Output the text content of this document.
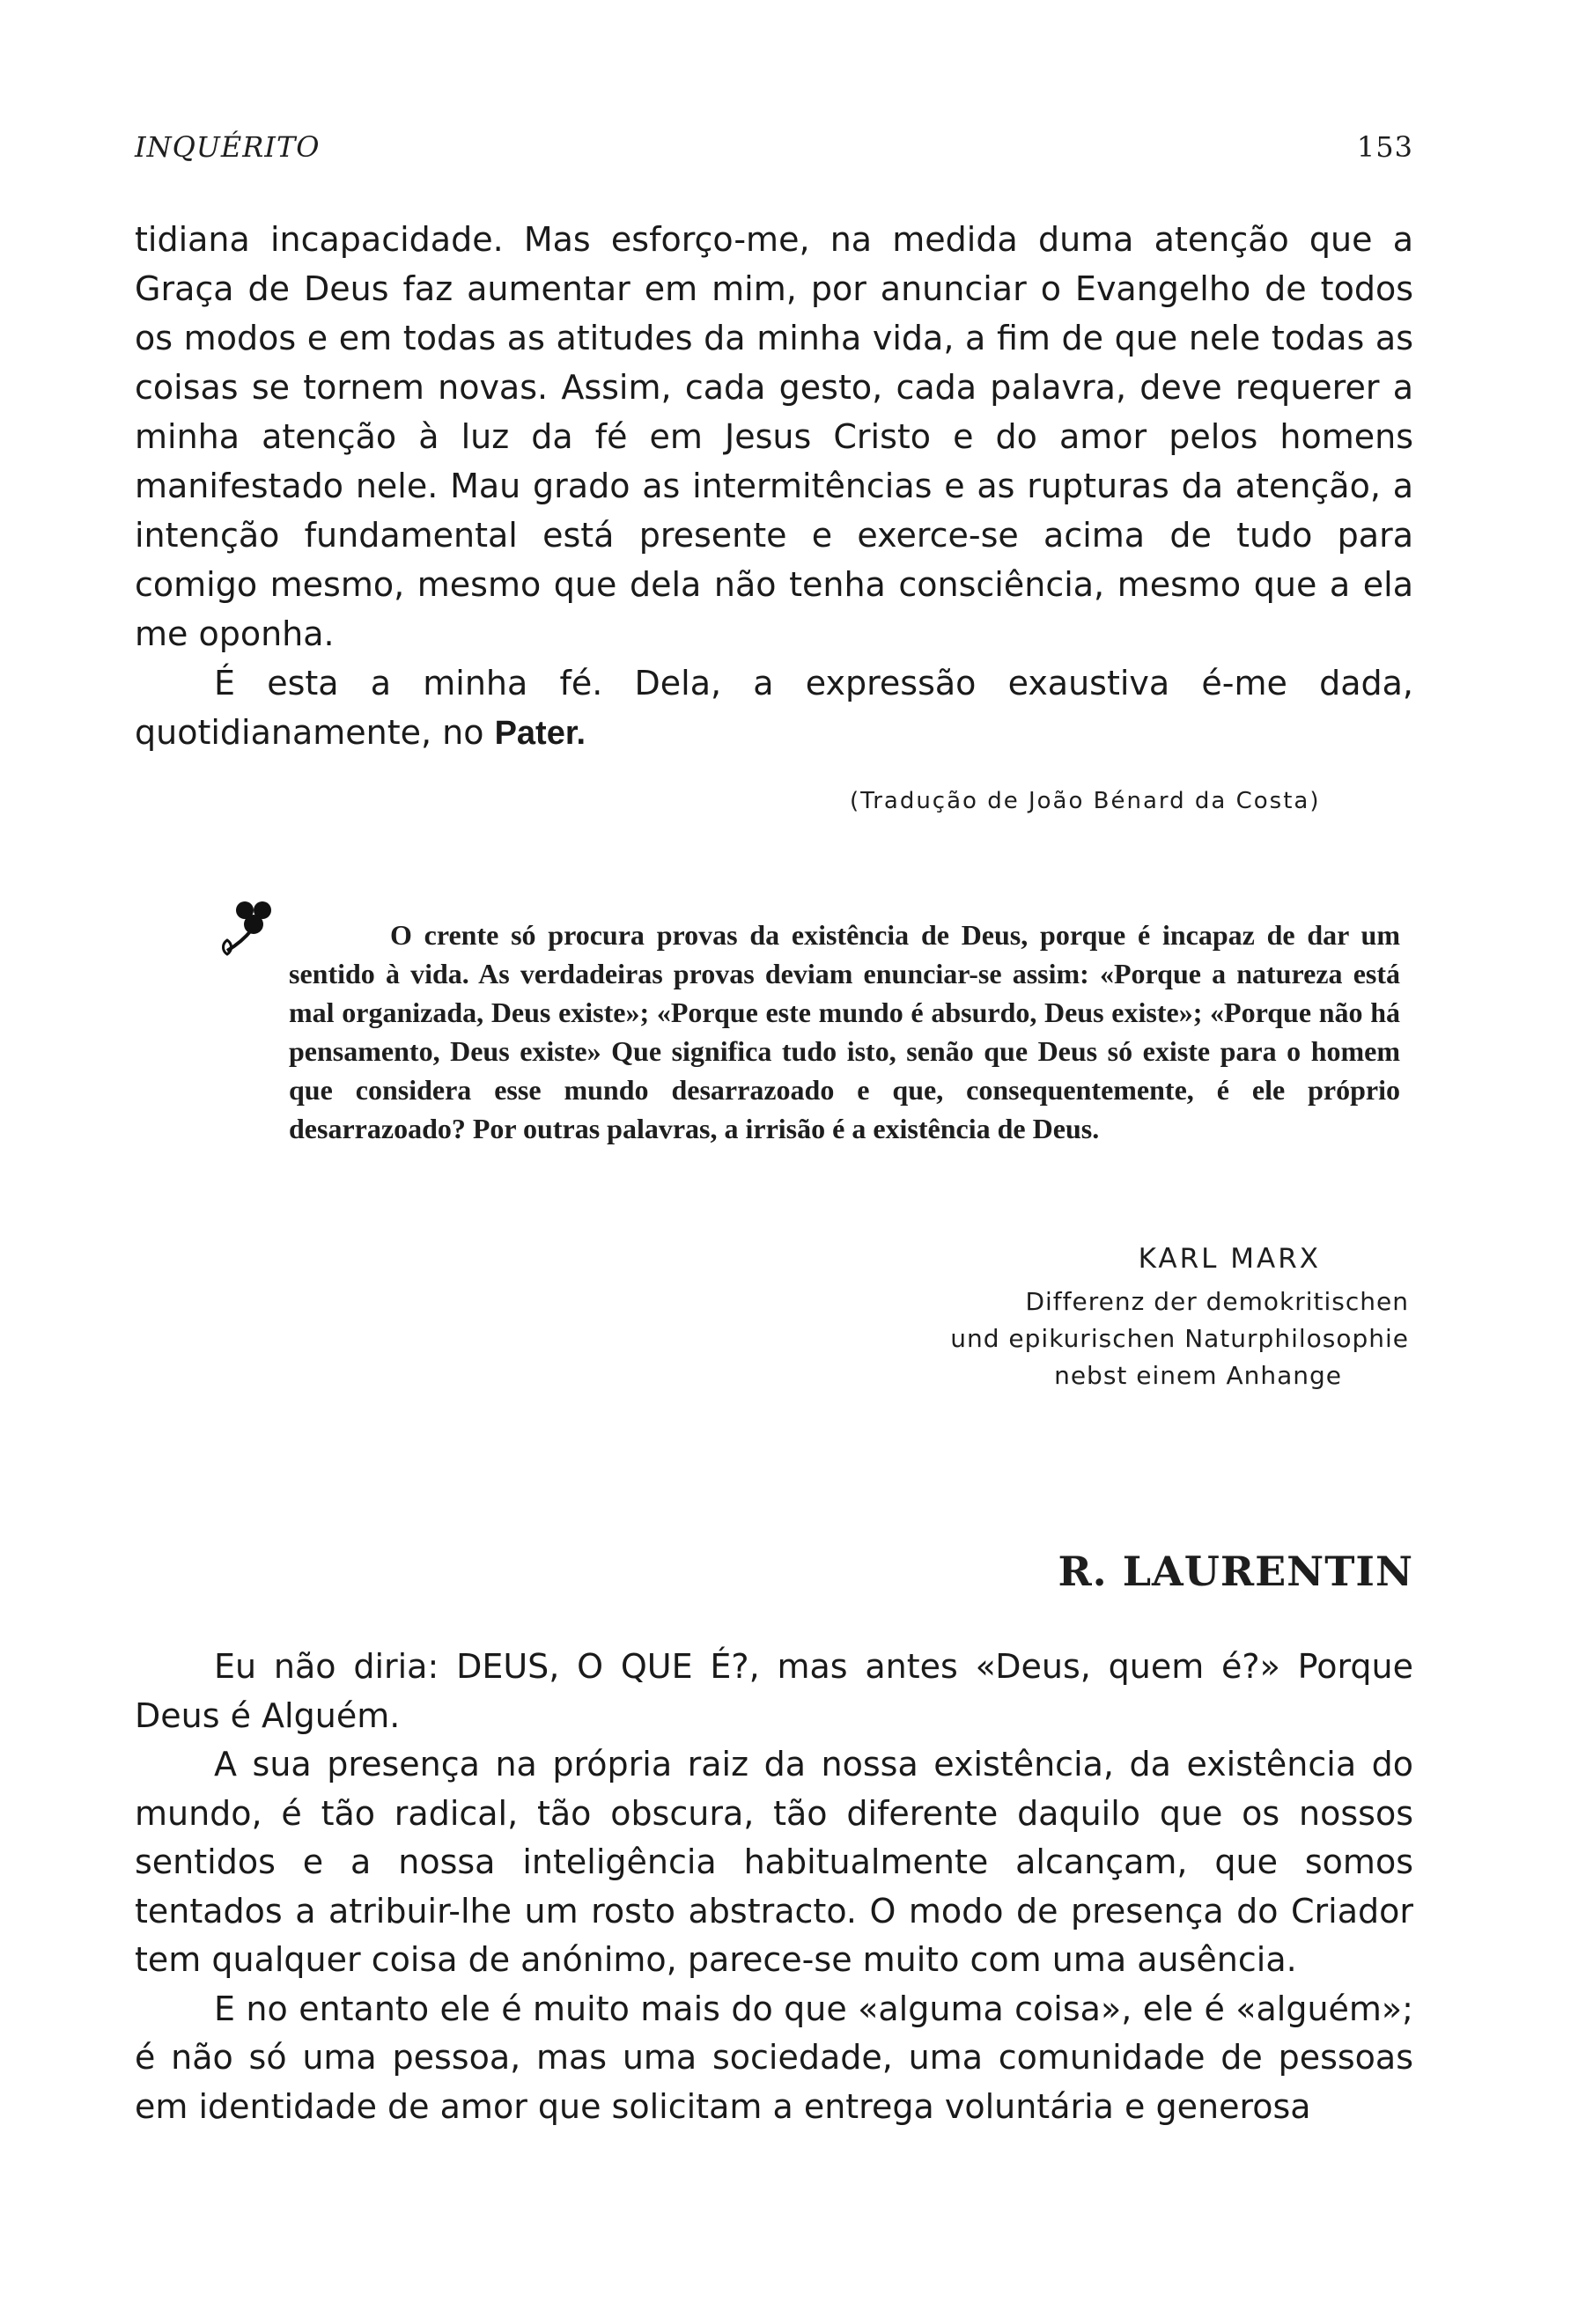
INQUÉRITO	153

tidiana incapacidade. Mas esforço-me, na medida duma atenção que a Graça de Deus faz aumentar em mim, por anunciar o Evangelho de todos os modos e em todas as atitudes da minha vida, a fim de que nele todas as coisas se tornem novas. Assim, cada gesto, cada palavra, deve requerer a minha atenção à luz da fé em Jesus Cristo e do amor pelos homens manifestado nele. Mau grado as intermitências e as rupturas da atenção, a intenção fundamental está presente e exerce-se acima de tudo para comigo mesmo, mesmo que dela não tenha consciência, mesmo que a ela me oponha.

É esta a minha fé. Dela, a expressão exaustiva é-me dada, quotidianamente, no Pater.

(Tradução de João Bénard da Costa)

O crente só procura provas da existência de Deus, porque é incapaz de dar um sentido à vida. As verdadeiras provas deviam enunciar-se assim: «Porque a natureza está mal organizada, Deus existe»; «Porque este mundo é absurdo, Deus existe»; «Porque não há pensamento, Deus existe» Que significa tudo isto, senão que Deus só existe para o homem que considera esse mundo desarrazoado e que, consequentemente, é ele próprio desarrazoado? Por outras palavras, a irrisão é a existência de Deus.

KARL MARX
Differenz der demokritischen
und epikurischen Naturphilosophie
nebst einem Anhange
R. LAURENTIN

Eu não diria: DEUS, O QUE É?, mas antes «Deus, quem é?» Porque Deus é Alguém.

A sua presença na própria raiz da nossa existência, da existência do mundo, é tão radical, tão obscura, tão diferente daquilo que os nossos sentidos e a nossa inteligência habitualmente alcançam, que somos tentados a atribuir-lhe um rosto abstracto. O modo de presença do Criador tem qualquer coisa de anónimo, parece-se muito com uma ausência.

E no entanto ele é muito mais do que «alguma coisa», ele é «alguém»; é não só uma pessoa, mas uma sociedade, uma comunidade de pessoas em identidade de amor que solicitam a entrega voluntária e generosa
